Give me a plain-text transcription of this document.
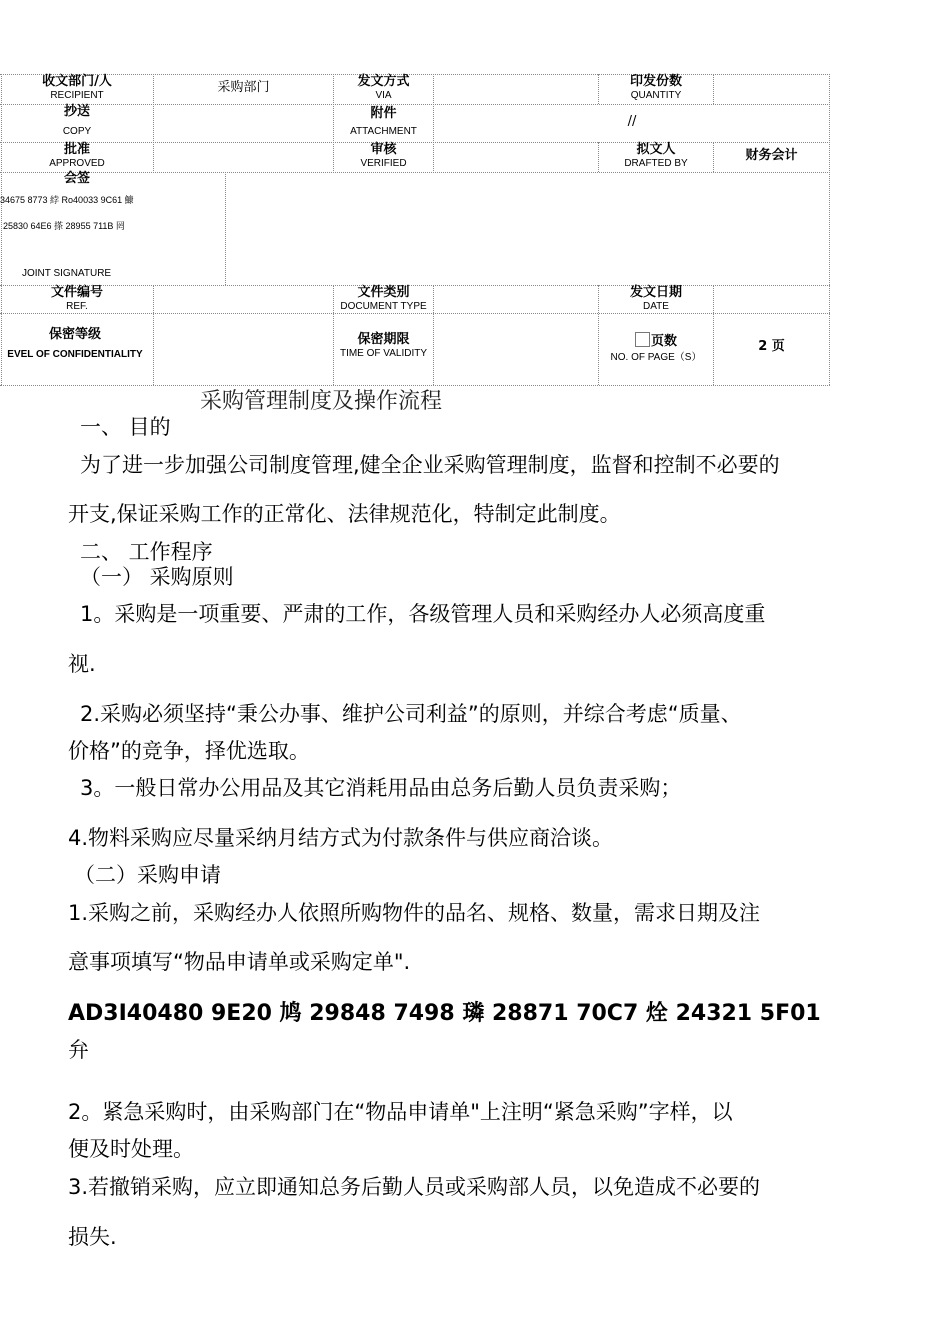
收文部门/人
RECIPIENT
采购部门	发文方式
VIA
印发份数
QUANTITY
抄送
COPY
附件
ATTACHMENT
//
批准
APPROVED
审核
VERIFIED
拟文人
DRAFTED BY
财务会计
会签
34675 8773 綍 Ro40033 9C61 鱇
25830 64E6 搽 28955 711B 罔
JOINT SIGNATURE
文件编号
REF.
文件类别
DOCUMENT TYPE
发文日期
DATE
保密等级
EVEL OF CONFIDENTIALITY
保密期限
TIME OF VALIDITY
页数
NO. OF PAGE（S）
2 页
采购管理制度及操作流程
一、 目的
为了进一步加强公司制度管理,健全企业采购管理制度，监督和控制不必要的
开支,保证采购工作的正常化、法律规范化，特制定此制度。
二、 工作程序
（一） 采购原则
1。采购是一项重要、严肃的工作，各级管理人员和采购经办人必须高度重
视.
2.采购必须坚持“秉公办事、维护公司利益”的原则，并综合考虑“质量、
价格”的竞争，择优选取。
3。一般日常办公用品及其它消耗用品由总务后勤人员负责采购；
4.物料采购应尽量采纳月结方式为付款条件与供应商洽谈。
（二）采购申请
1.采购之前，采购经办人依照所购物件的品名、规格、数量，需求日期及注
意事项填写“物品申请单或采购定单".
AD3I40480 9E20 鸠 29848 7498 璘 28871 70C7 烇 24321 5F01
弁
2。紧急采购时，由采购部门在“物品申请单"上注明“紧急采购”字样，以
便及时处理。
3.若撤销采购，应立即通知总务后勤人员或采购部人员，以免造成不必要的
损失.
